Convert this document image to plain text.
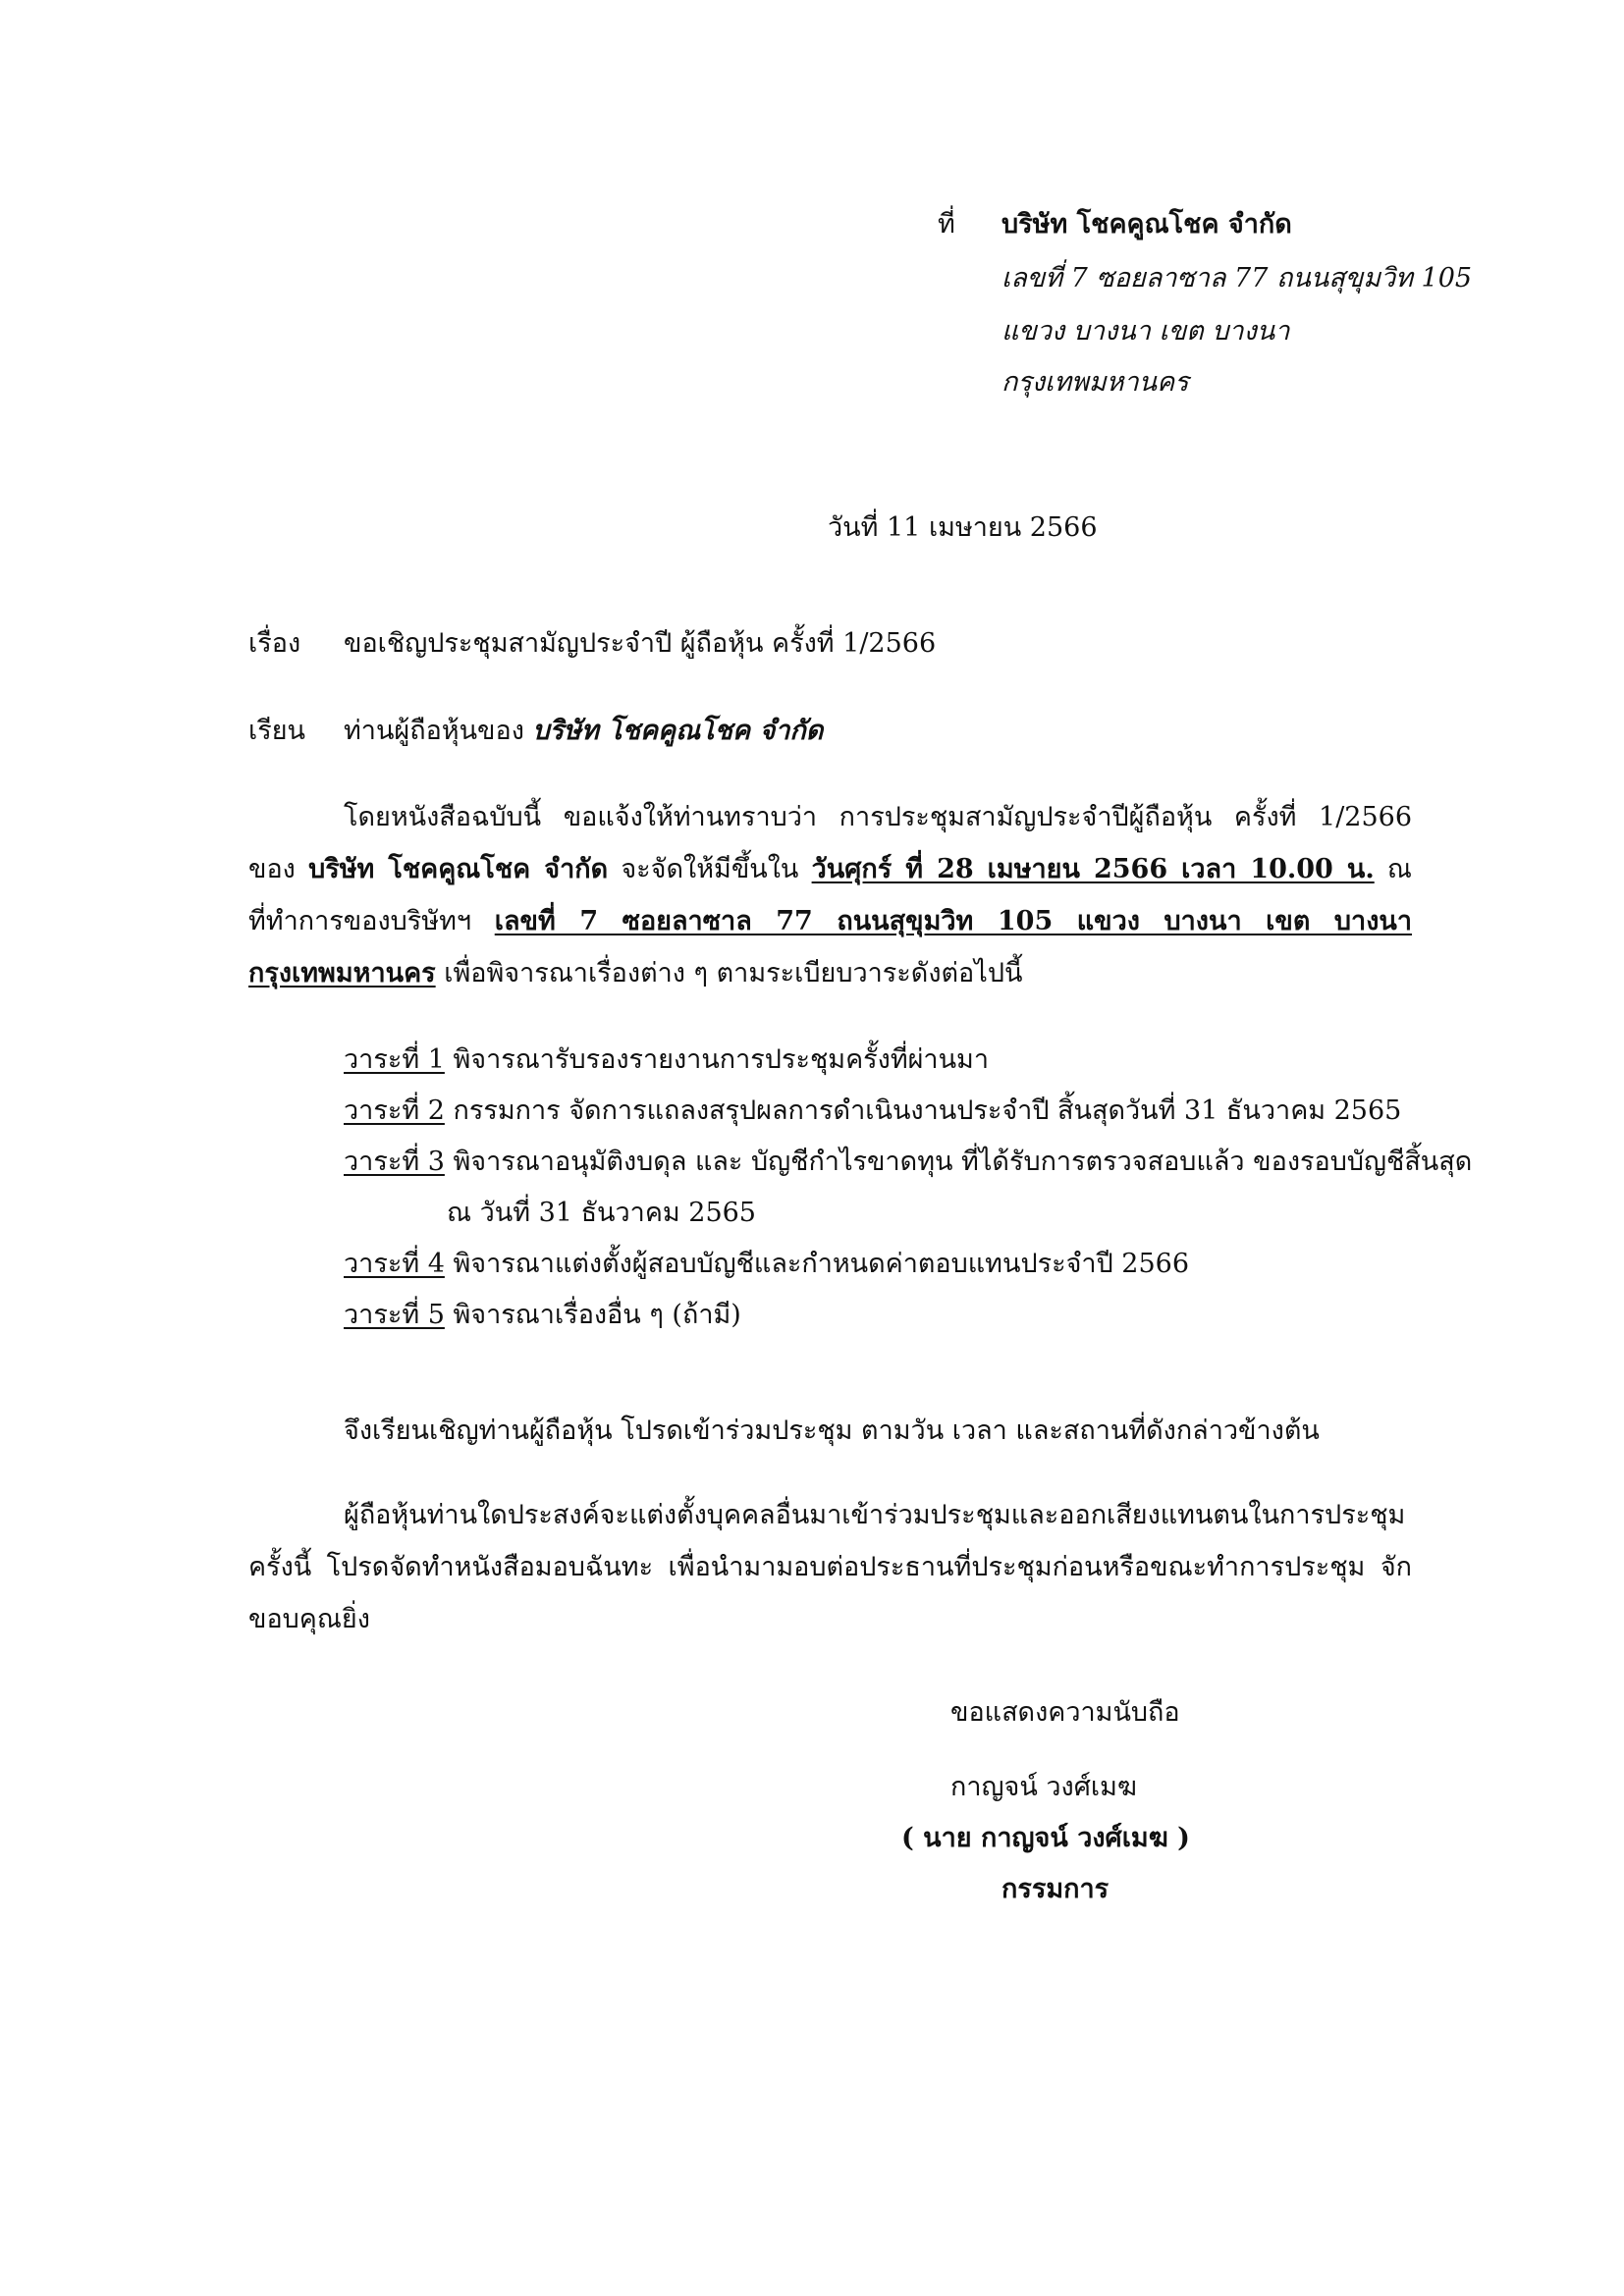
ที่ บริษัท โชคคูณโชค จำกัด
เลขที่ 7 ซอยลาซาล 77 ถนนสุขุมวิท 105
แขวง บางนา เขต บางนา
กรุงเทพมหานคร
วันที่ 11 เมษายน 2566
เรื่อง ขอเชิญประชุมสามัญประจำปี ผู้ถือหุ้น ครั้งที่ 1/2566
เรียน ท่านผู้ถือหุ้นของ บริษัท โชคคูณโชค จำกัด
โดยหนังสือฉบับนี้ ขอแจ้งให้ท่านทราบว่า การประชุมสามัญประจำปีผู้ถือหุ้น ครั้งที่ 1/2566 ของ บริษัท โชคคูณโชค จำกัด จะจัดให้มีขึ้นใน วันศุกร์ ที่ 28 เมษายน 2566 เวลา 10.00 น. ณ ที่ทำการของบริษัทฯ เลขที่ 7 ซอยลาซาล 77 ถนนสุขุมวิท 105 แขวง บางนา เขต บางนา กรุงเทพมหานคร เพื่อพิจารณาเรื่องต่าง ๆ ตามระเบียบวาระดังต่อไปนี้
วาระที่ 1 พิจารณารับรองรายงานการประชุมครั้งที่ผ่านมา
วาระที่ 2 กรรมการ จัดการแถลงสรุปผลการดำเนินงานประจำปี สิ้นสุดวันที่ 31 ธันวาคม 2565
วาระที่ 3 พิจารณาอนุมัติงบดุล และ บัญชีกำไรขาดทุน ที่ได้รับการตรวจสอบแล้ว ของรอบบัญชีสิ้นสุด
ณ วันที่ 31 ธันวาคม 2565
วาระที่ 4 พิจารณาแต่งตั้งผู้สอบบัญชีและกำหนดค่าตอบแทนประจำปี 2566
วาระที่ 5 พิจารณาเรื่องอื่น ๆ (ถ้ามี)
จึงเรียนเชิญท่านผู้ถือหุ้น โปรดเข้าร่วมประชุม ตามวัน เวลา และสถานที่ดังกล่าวข้างต้น
ผู้ถือหุ้นท่านใดประสงค์จะแต่งตั้งบุคคลอื่นมาเข้าร่วมประชุมและออกเสียงแทนตนในการประชุมครั้งนี้ โปรดจัดทำหนังสือมอบฉันทะ เพื่อนำมามอบต่อประธานที่ประชุมก่อนหรือขณะทำการประชุม จักขอบคุณยิ่ง
ขอแสดงความนับถือ
กาญจน์ วงศ์เมฆ
( นาย กาญจน์ วงศ์เมฆ )
กรรมการ
